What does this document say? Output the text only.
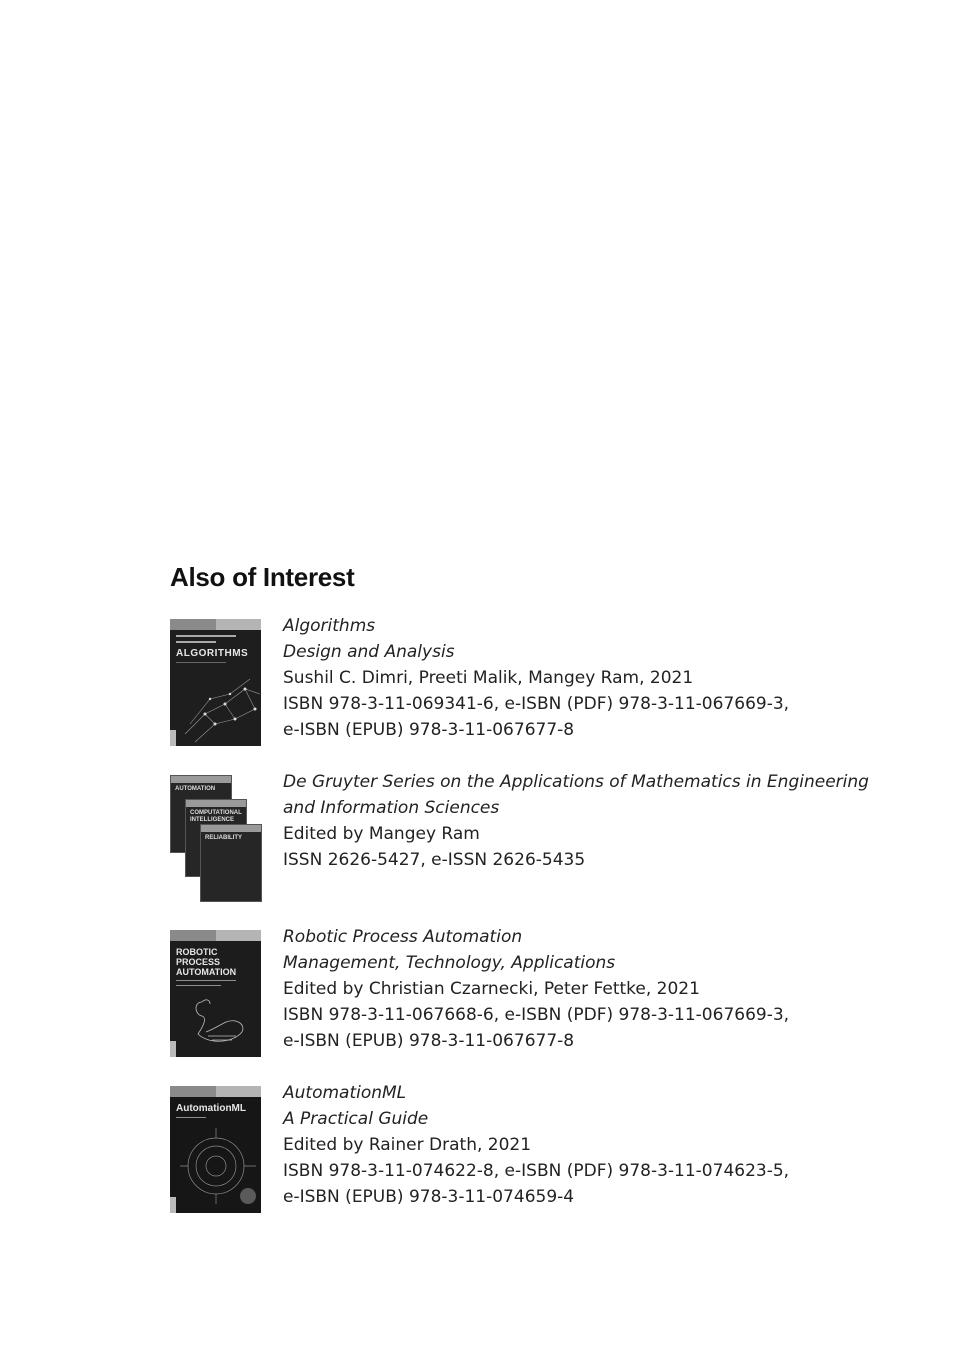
Also of Interest
ALGORITHMS
Algorithms
Design and Analysis
Sushil C. Dimri, Preeti Malik, Mangey Ram, 2021
ISBN 978-3-11-069341-6, e-ISBN (PDF) 978-3-11-067669-3,
e-ISBN (EPUB) 978-3-11-067677-8
AUTOMATION
COMPUTATIONAL INTELLIGENCE
RELIABILITY
De Gruyter Series on the Applications of Mathematics in Engineering
and Information Sciences
Edited by Mangey Ram
ISSN 2626-5427, e-ISSN 2626-5435
ROBOTIC PROCESS AUTOMATION
Robotic Process Automation
Management, Technology, Applications
Edited by Christian Czarnecki, Peter Fettke, 2021
ISBN 978-3-11-067668-6, e-ISBN (PDF) 978-3-11-067669-3,
e-ISBN (EPUB) 978-3-11-067677-8
AutomationML
AutomationML
A Practical Guide
Edited by Rainer Drath, 2021
ISBN 978-3-11-074622-8, e-ISBN (PDF) 978-3-11-074623-5,
e-ISBN (EPUB) 978-3-11-074659-4
